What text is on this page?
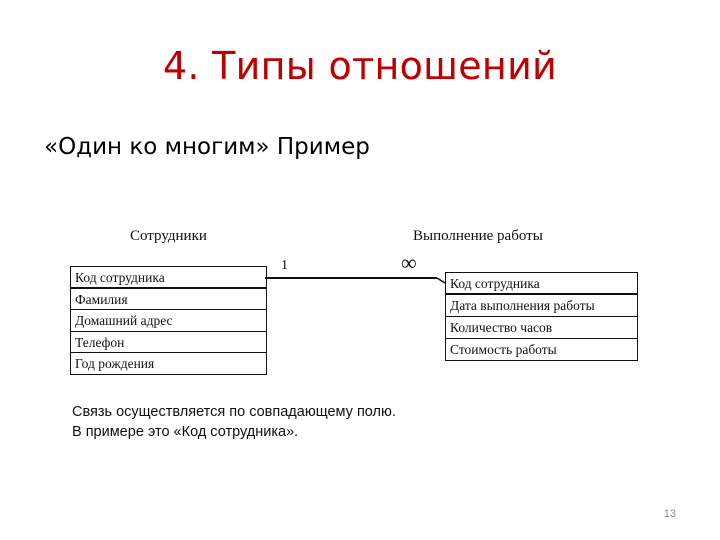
4. Типы отношений
«Один ко многим» Пример
Сотрудники	Выполнение работы
Код сотрудника
Фамилия
Домашний адрес
Телефон
Год рождения
Код сотрудника
Дата выполнения работы
Количество часов
Стоимость работы
1	∞
Связь осуществляется по совпадающему полю.
В примере это «Код сотрудника».
13
